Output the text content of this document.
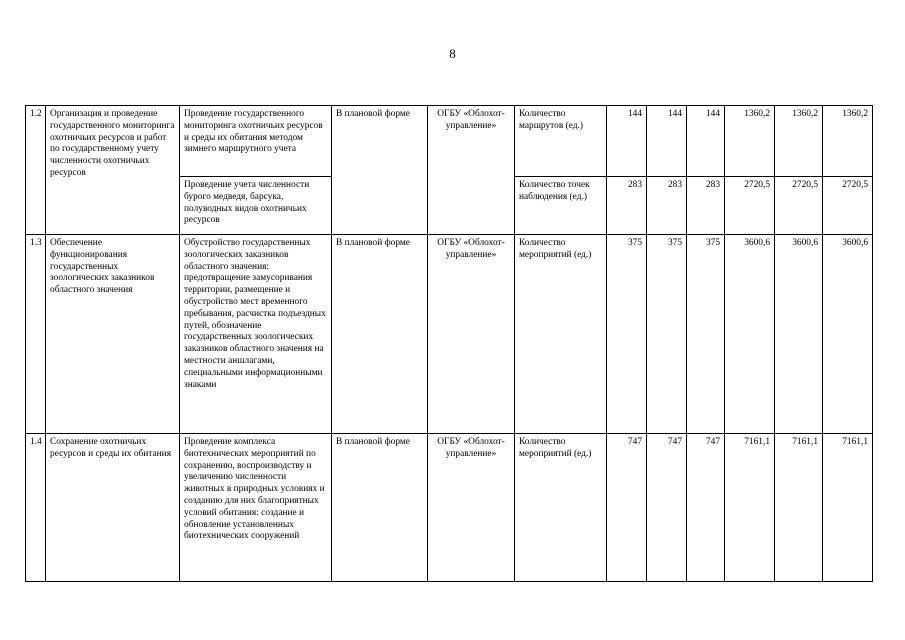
8
1.2	Организация и проведение государственного мониторинга охотничьих ресурсов и работ по государственному учету численности охотничьих ресурсов	Проведение государственного мониторинга охотничьих ресурсов и среды их обитания методом зимнего маршрутного учета	В плановой форме	ОГБУ «Облохот-управление»	Количество маршрутов (ед.)	144	144	144	1360,2	1360,2	1360,2
		Проведение учета численности бурого медведя, барсука, полуводных видов охотничьих ресурсов			Количество точек наблюдения (ед.)	283	283	283	2720,5	2720,5	2720,5
1.3	Обеспечение функционирования государственных зоологических заказников областного значения	Обустройство государственных зоологических заказников областного значения: предотвращение замусоривания территории, размещение и обустройство мест временного пребывания, расчистка подъездных путей, обозначение государственных зоологических заказников областного значения на местности аншлагами, специальными информационными знаками	В плановой форме	ОГБУ «Облохот-управление»	Количество мероприятий (ед.)	375	375	375	3600,6	3600,6	3600,6
1.4	Сохранение охотничьих ресурсов и среды их обитания	Проведение комплекса биотехнических мероприятий по сохранению, воспроизводству и увеличению численности животных в природных условиях и созданию для них благоприятных условий обитания: создание и обновление установленных биотехнических сооружений	В плановой форме	ОГБУ «Облохот-управление»	Количество мероприятий (ед.)	747	747	747	7161,1	7161,1	7161,1
